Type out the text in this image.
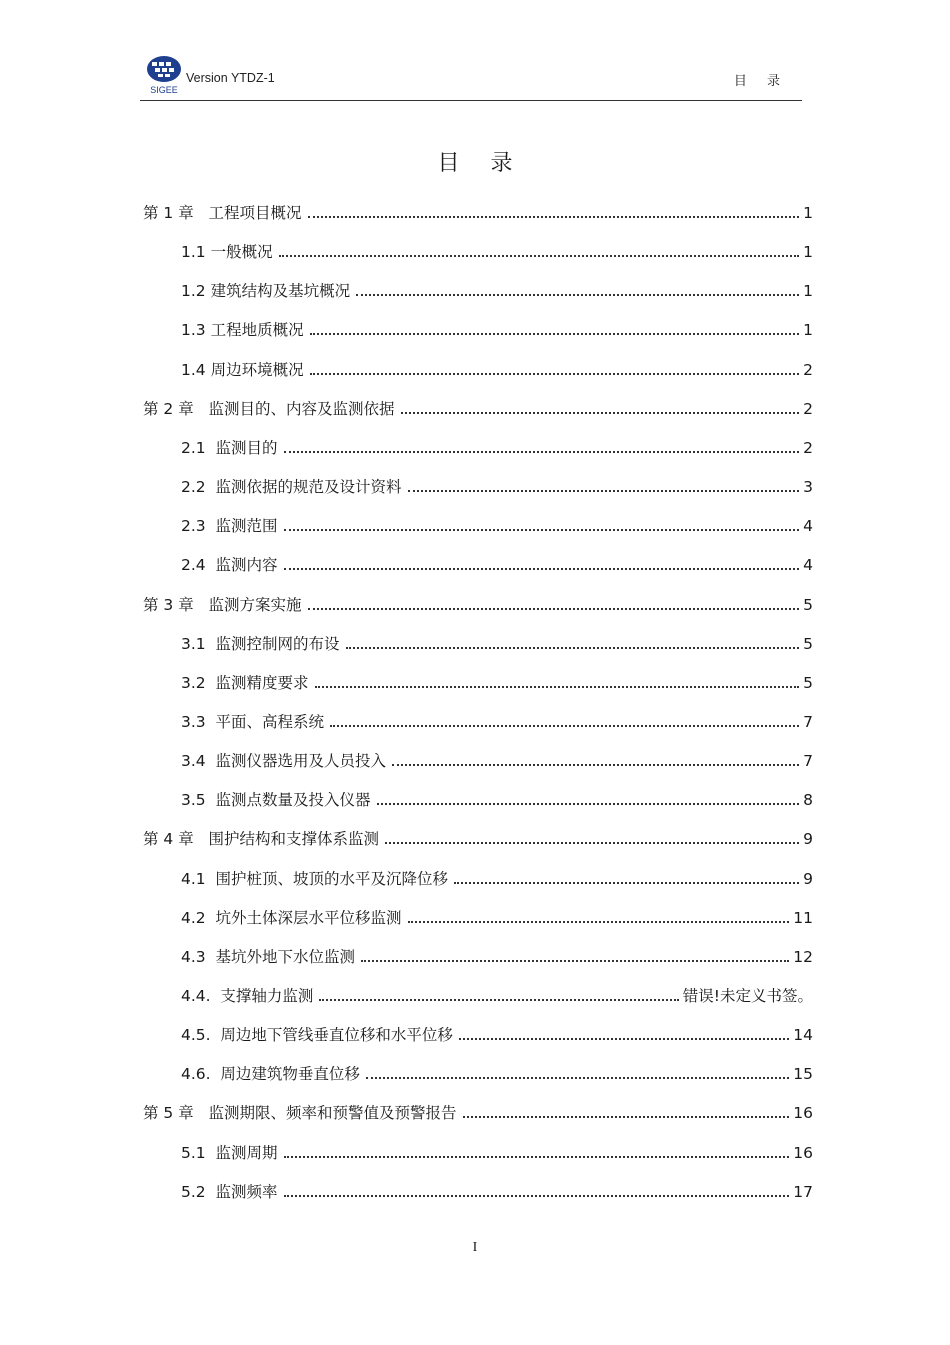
SIGEE
Version YTDZ-1	目 录
目 录
第 1 章   工程项目概况	1
1.1 一般概况	1
1.2 建筑结构及基坑概况	1
1.3 工程地质概况	1
1.4 周边环境概况	2
第 2 章   监测目的、内容及监测依据	2
2.1  监测目的	2
2.2  监测依据的规范及设计资料	3
2.3  监测范围	4
2.4  监测内容	4
第 3 章   监测方案实施	5
3.1  监测控制网的布设	5
3.2  监测精度要求	5
3.3  平面、高程系统	7
3.4  监测仪器选用及人员投入	7
3.5  监测点数量及投入仪器	8
第 4 章   围护结构和支撑体系监测	9
4.1  围护桩顶、坡顶的水平及沉降位移	9
4.2  坑外土体深层水平位移监测	11
4.3  基坑外地下水位监测	12
4.4.  支撑轴力监测	错误!未定义书签。
4.5.  周边地下管线垂直位移和水平位移	14
4.6.  周边建筑物垂直位移	15
第 5 章   监测期限、频率和预警值及预警报告	16
5.1  监测周期	16
5.2  监测频率	17
I
